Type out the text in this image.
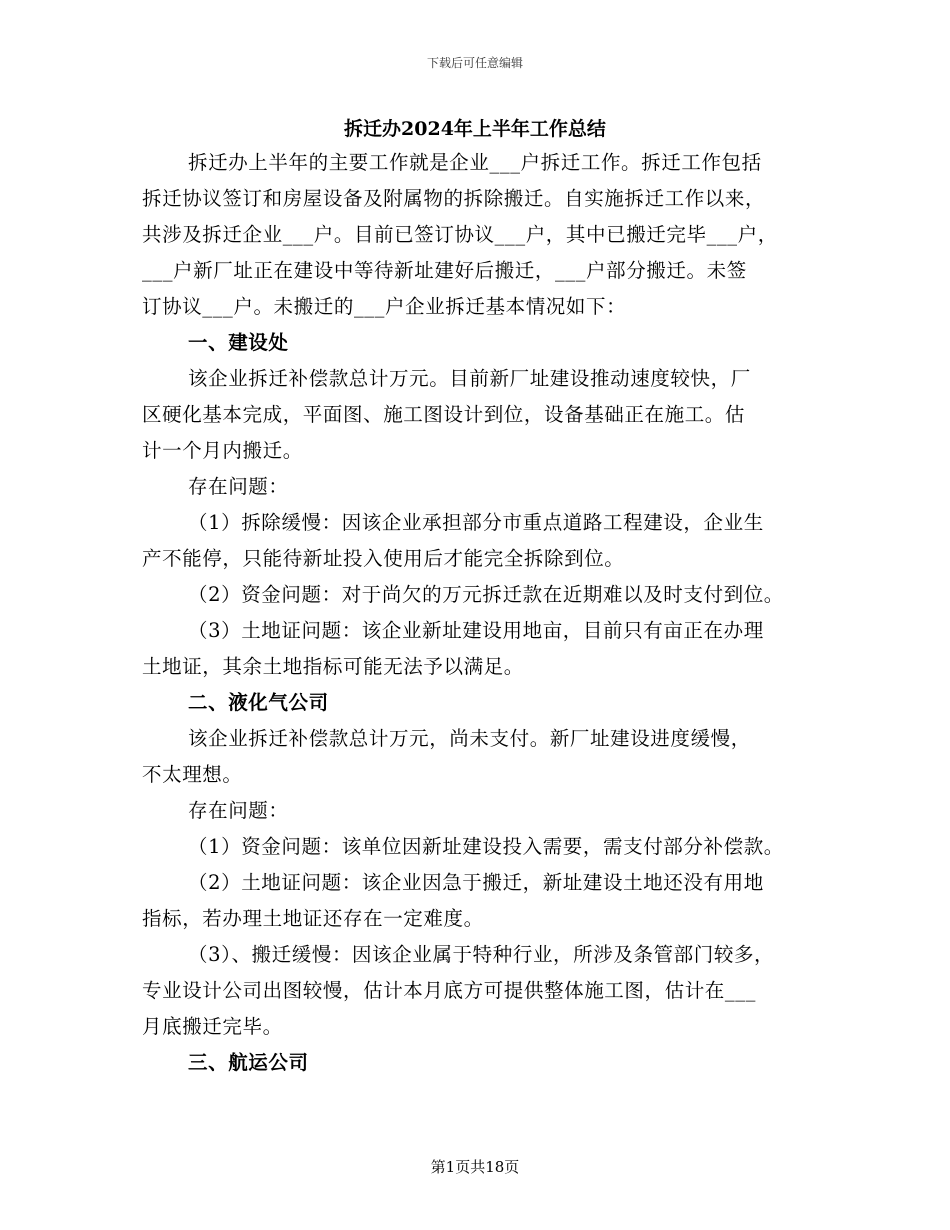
下载后可任意编辑
拆迁办2024年上半年工作总结
拆迁办上半年的主要工作就是企业___户拆迁工作。拆迁工作包括
拆迁协议签订和房屋设备及附属物的拆除搬迁。自实施拆迁工作以来，
共涉及拆迁企业___户。目前已签订协议___户，其中已搬迁完毕___户，
___户新厂址正在建设中等待新址建好后搬迁，___户部分搬迁。未签
订协议___户。未搬迁的___户企业拆迁基本情况如下：
一、建设处
该企业拆迁补偿款总计万元。目前新厂址建设推动速度较快，厂
区硬化基本完成，平面图、施工图设计到位，设备基础正在施工。估
计一个月内搬迁。
存在问题：
（1）拆除缓慢：因该企业承担部分市重点道路工程建设，企业生
产不能停，只能待新址投入使用后才能完全拆除到位。
（2）资金问题：对于尚欠的万元拆迁款在近期难以及时支付到位。
（3）土地证问题：该企业新址建设用地亩，目前只有亩正在办理
土地证，其余土地指标可能无法予以满足。
二、液化气公司
该企业拆迁补偿款总计万元，尚未支付。新厂址建设进度缓慢，
不太理想。
存在问题：
（1）资金问题：该单位因新址建设投入需要，需支付部分补偿款。
（2）土地证问题：该企业因急于搬迁，新址建设土地还没有用地
指标，若办理土地证还存在一定难度。
（3）、搬迁缓慢：因该企业属于特种行业，所涉及条管部门较多，
专业设计公司出图较慢，估计本月底方可提供整体施工图，估计在___
月底搬迁完毕。
三、航运公司
第1页共18页
